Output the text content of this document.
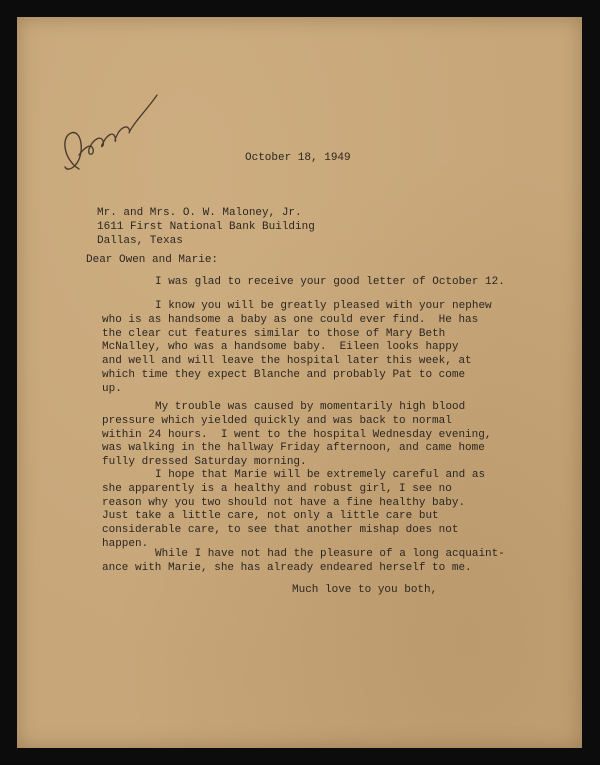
October 18, 1949
Mr. and Mrs. O. W. Maloney, Jr.
1611 First National Bank Building
Dallas, Texas
Dear Owen and Marie:
I was glad to receive your good letter of October 12.
I know you will be greatly pleased with your nephew
who is as handsome a baby as one could ever find.  He has
the clear cut features similar to those of Mary Beth
McNalley, who was a handsome baby.  Eileen looks happy
and well and will leave the hospital later this week, at
which time they expect Blanche and probably Pat to come
up.
My trouble was caused by momentarily high blood
pressure which yielded quickly and was back to normal
within 24 hours.  I went to the hospital Wednesday evening,
was walking in the hallway Friday afternoon, and came home
fully dressed Saturday morning.
I hope that Marie will be extremely careful and as
she apparently is a healthy and robust girl, I see no
reason why you two should not have a fine healthy baby.
Just take a little care, not only a little care but
considerable care, to see that another mishap does not
happen.
While I have not had the pleasure of a long acquaint-
ance with Marie, she has already endeared herself to me.
Much love to you both,
